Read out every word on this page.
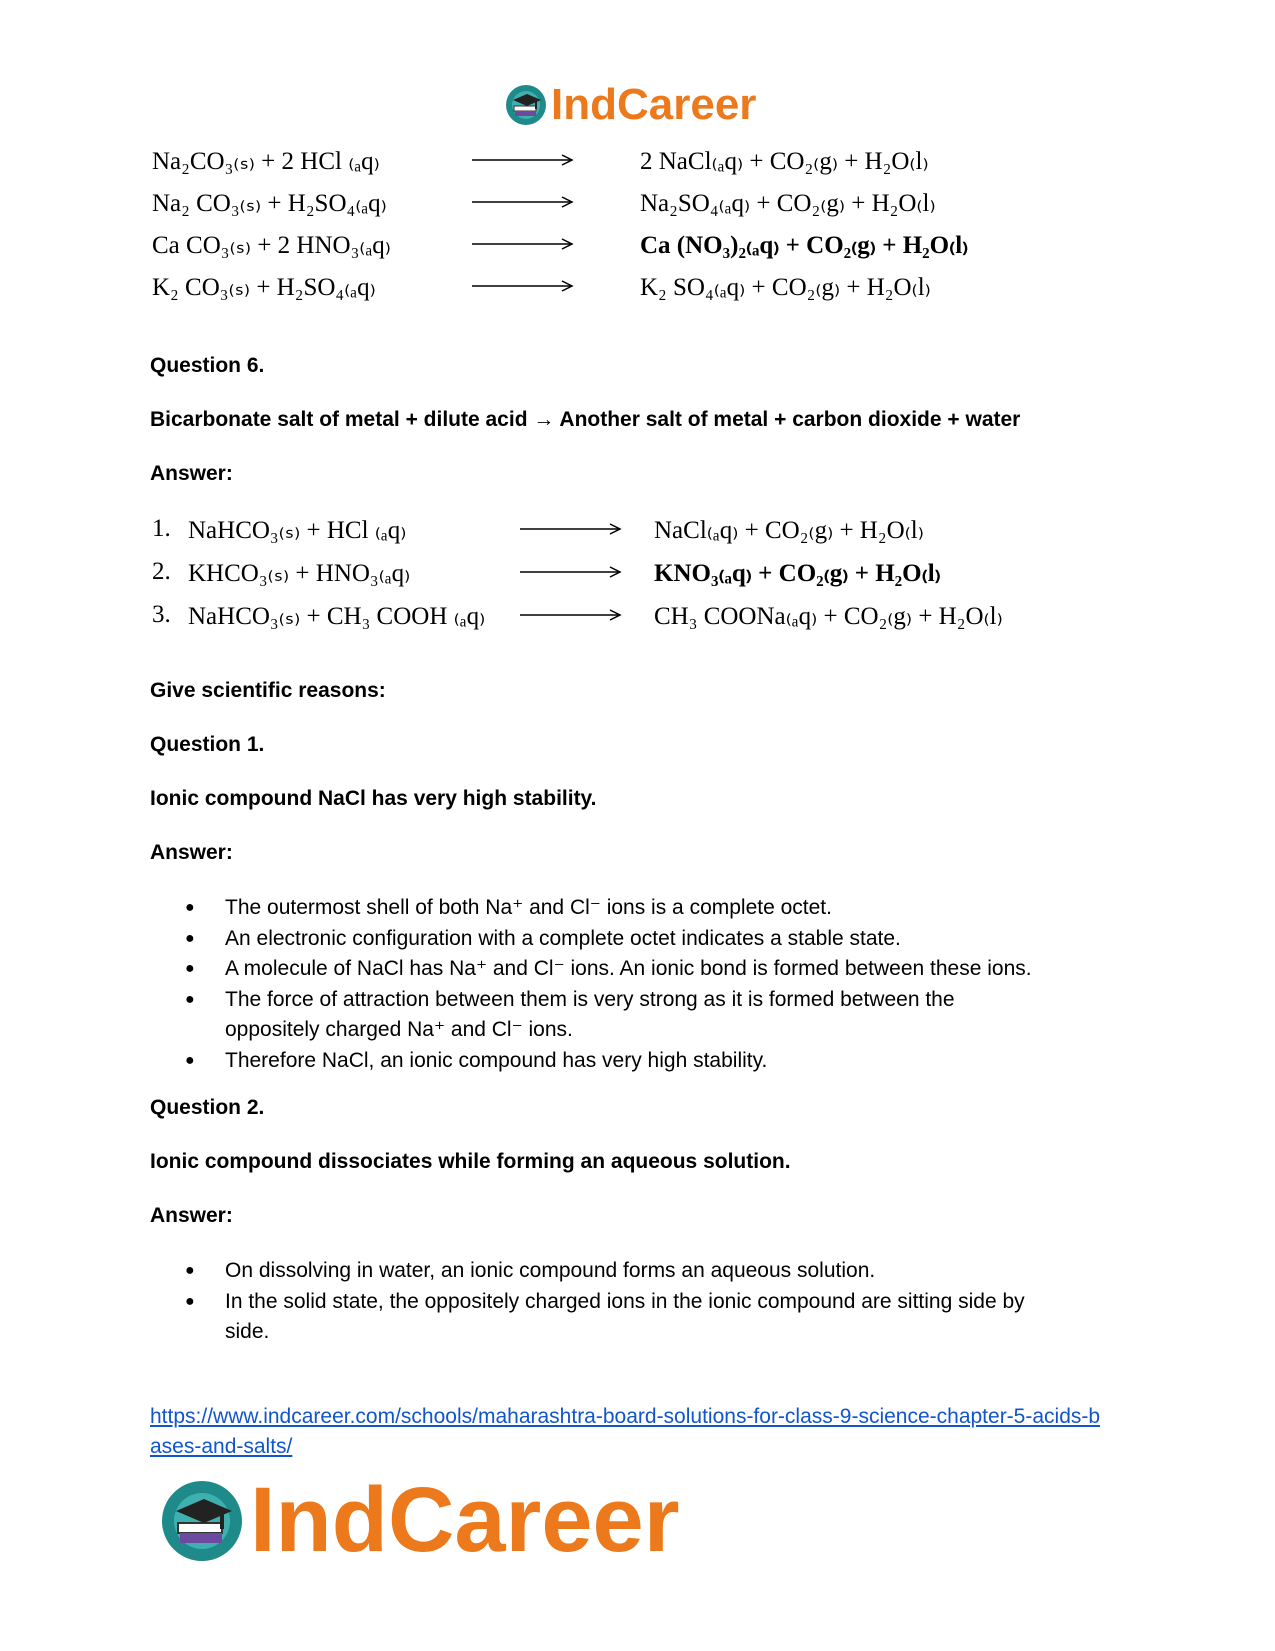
IndCareer
Na₂CO₃₍ₛ₎ + 2 HCl ₍ₐq₎	2 NaCl₍ₐq₎ + CO₂₍g₎ + H₂O₍l₎
Na₂ CO₃₍ₛ₎ + H₂SO₄₍ₐq₎	Na₂SO₄₍ₐq₎ + CO₂₍g₎ + H₂O₍l₎
Ca CO₃₍ₛ₎ + 2 HNO₃₍ₐq₎	Ca (NO₃)₂₍ₐq₎ + CO₂₍g₎ + H₂O₍l₎
K₂ CO₃₍ₛ₎ + H₂SO₄₍ₐq₎	K₂ SO₄₍ₐq₎ + CO₂₍g₎ + H₂O₍l₎
Question 6.
Bicarbonate salt of metal + dilute acid → Another salt of metal + carbon dioxide + water
Answer:
1. NaHCO₃₍ₛ₎ + HCl ₍ₐq₎	NaCl₍ₐq₎ + CO₂₍g₎ + H₂O₍l₎
2. KHCO₃₍ₛ₎ + HNO₃₍ₐq₎	KNO₃₍ₐq₎ + CO₂₍g₎ + H₂O₍l₎
3. NaHCO₃₍ₛ₎ + CH₃ COOH ₍ₐq₎	CH₃ COONa₍ₐq₎ + CO₂₍g₎ + H₂O₍l₎
Give scientific reasons:
Question 1.
Ionic compound NaCl has very high stability.
Answer:
● The outermost shell of both Na⁺ and Cl⁻ ions is a complete octet.
● An electronic configuration with a complete octet indicates a stable state.
● A molecule of NaCl has Na⁺ and Cl⁻ ions. An ionic bond is formed between these ions.
● The force of attraction between them is very strong as it is formed between the
oppositely charged Na⁺ and Cl⁻ ions.
● Therefore NaCl, an ionic compound has very high stability.
Question 2.
Ionic compound dissociates while forming an aqueous solution.
Answer:
● On dissolving in water, an ionic compound forms an aqueous solution.
● In the solid state, the oppositely charged ions in the ionic compound are sitting side by
side.
https://www.indcareer.com/schools/maharashtra-board-solutions-for-class-9-science-chapter-5-acids-bases-and-salts/
IndCareer
